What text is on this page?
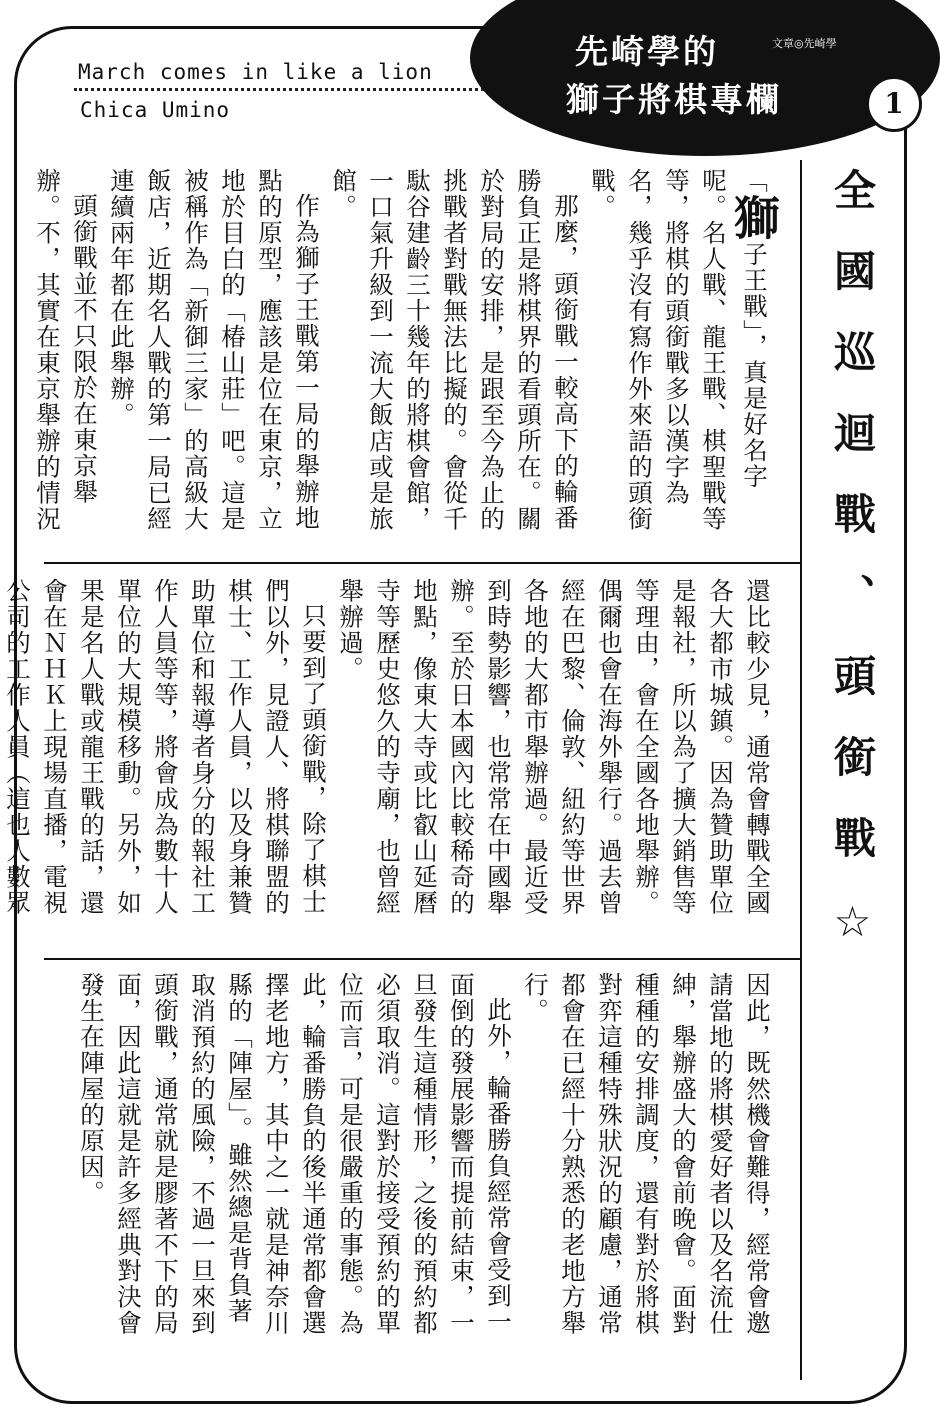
March comes in like a lion
Chica Umino
先崎學的
獅子將棋專欄
文章◎先崎學
1
全國巡迴戰、頭銜戰☆

「獅子王戰」，真是好名字呢。名人戰、龍王戰、棋聖戰等等，將棋的頭銜戰多以漢字為名，幾乎沒有寫作外來語的頭銜戰。

那麼，頭銜戰一較高下的輪番勝負正是將棋界的看頭所在。關於對局的安排，是跟至今為止的挑戰者對戰無法比擬的。會從千駄谷建齡三十幾年的將棋會館，一口氣升級到一流大飯店或是旅館。

作為獅子王戰第一局的舉辦地點的原型，應該是位在東京，立地於目白的「椿山莊」吧。這是被稱作為「新御三家」的高級大飯店，近期名人戰的第一局已經連續兩年都在此舉辦。

頭銜戰並不只限於在東京舉辦。不，其實在東京舉辦的情況

還比較少見，通常會轉戰全國各大都市城鎮。因為贊助單位是報社，所以為了擴大銷售等等理由，會在全國各地舉辦。偶爾也會在海外舉行。過去曾經在巴黎、倫敦、紐約等世界各地的大都市舉辦過。最近受到時勢影響，也常常在中國舉辦。至於日本國內比較稀奇的地點，像東大寺或比叡山延曆寺等歷史悠久的寺廟，也曾經舉辦過。

只要到了頭銜戰，除了棋士們以外，見證人、將棋聯盟的棋士、工作人員，以及身兼贊助單位和報導者身分的報社工作人員等等，將會成為數十人單位的大規模移動。另外，如果是名人戰或龍王戰的話，還會在ＮＨＫ上現場直播，電視公司的工作人員（這也人數眾

因此，既然機會難得，經常會邀請當地的將棋愛好者以及名流仕紳，舉辦盛大的會前晚會。面對種種的安排調度，還有對於將棋對弈這種特殊狀況的顧慮，通常都會在已經十分熟悉的老地方舉行。

此外，輪番勝負經常會受到一面倒的發展影響而提前結束，一旦發生這種情形，之後的預約都必須取消。這對於接受預約的單位而言，可是很嚴重的事態。為此，輪番勝負的後半通常都會選擇老地方，其中之一就是神奈川縣的「陣屋」。雖然總是背負著取消預約的風險，不過一旦來到頭銜戰，通常就是膠著不下的局面，因此這就是許多經典對決會發生在陣屋的原因。
